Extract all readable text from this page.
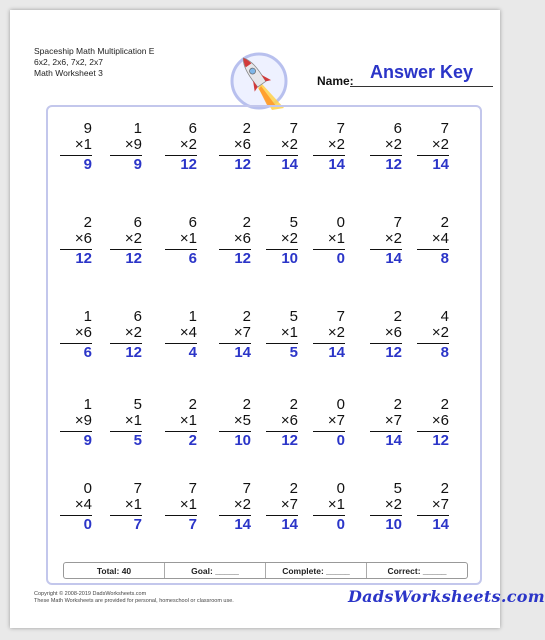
Spaceship Math Multiplication E
6x2, 2x6, 7x2, 2x7
Math Worksheet 3
Name: Answer Key
9
×1
9
1
×9
9
6
×2
12
2
×6
12
7
×2
14
7
×2
14
6
×2
12
7
×2
14
2
×6
12
6
×2
12
6
×1
6
2
×6
12
5
×2
10
0
×1
0
7
×2
14
2
×4
8
1
×6
6
6
×2
12
1
×4
4
2
×7
14
5
×1
5
7
×2
14
2
×6
12
4
×2
8
1
×9
9
5
×1
5
2
×1
2
2
×5
10
2
×6
12
0
×7
0
2
×7
14
2
×6
12
0
×4
0
7
×1
7
7
×1
7
7
×2
14
2
×7
14
0
×1
0
5
×2
10
2
×7
14
Total: 40	Goal: _____	Complete: _____	Correct: _____
Copyright © 2008-2019 DadsWorksheets.com
These Math Worksheets are provided for personal, homeschool or classroom use.	DadsWorksheets.com
